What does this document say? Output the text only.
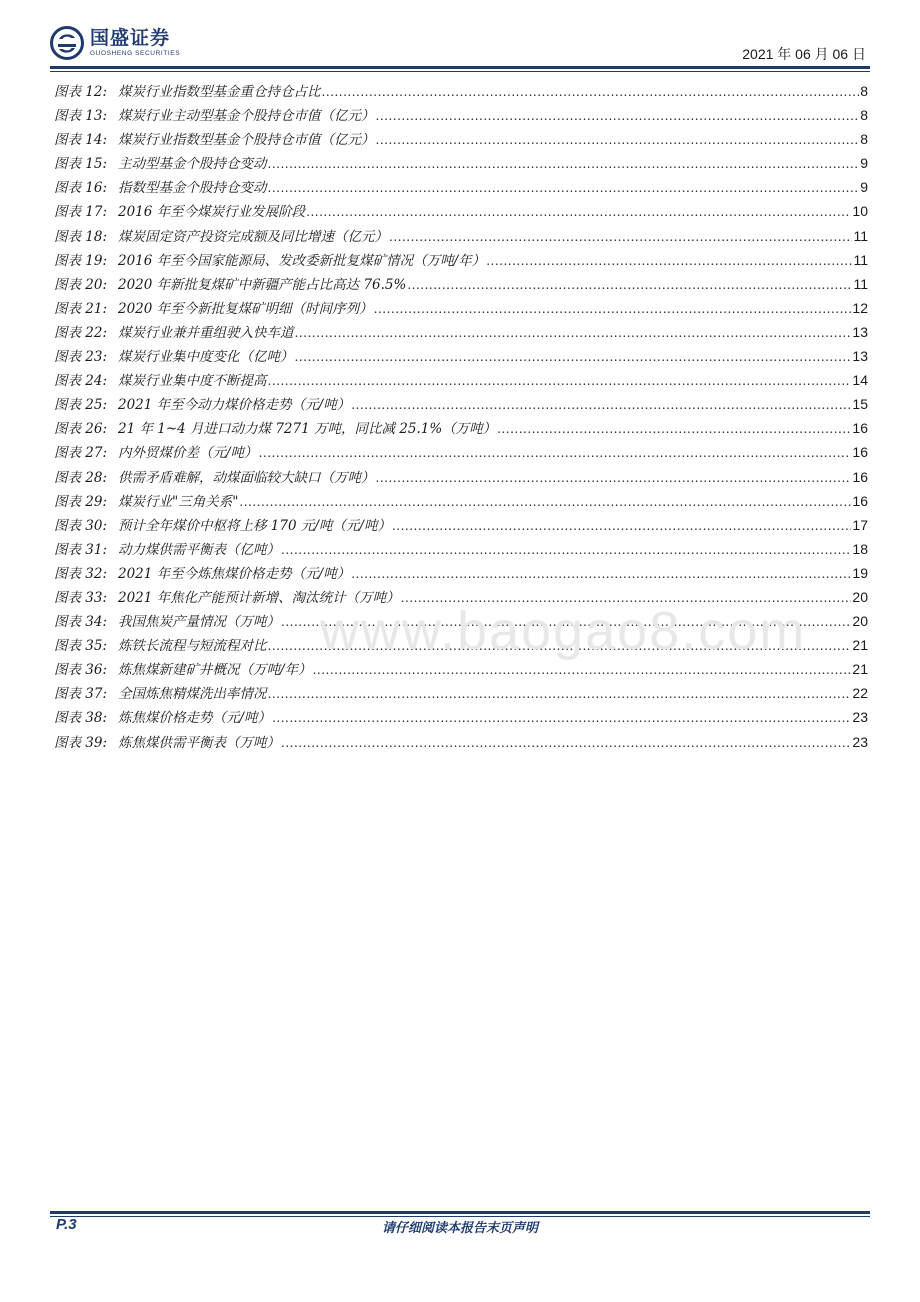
国盛证券
GUOSHENG SECURITIES	2021 年 06 月 06 日
图表 12: 煤炭行业指数型基金重仓持仓占比 .....	8
图表 13: 煤炭行业主动型基金个股持仓市值（亿元） .....	8
图表 14: 煤炭行业指数型基金个股持仓市值（亿元） .....	8
图表 15: 主动型基金个股持仓变动 .....	9
图表 16: 指数型基金个股持仓变动 .....	9
图表 17: 2016 年至今煤炭行业发展阶段 .....	10
图表 18: 煤炭固定资产投资完成额及同比增速（亿元） .....	11
图表 19: 2016 年至今国家能源局、发改委新批复煤矿情况（万吨/年） .....	11
图表 20: 2020 年新批复煤矿中新疆产能占比高达 76.5% .....	11
图表 21: 2020 年至今新批复煤矿明细（时间序列） .....	12
图表 22: 煤炭行业兼并重组驶入快车道 .....	13
图表 23: 煤炭行业集中度变化（亿吨） .....	13
图表 24: 煤炭行业集中度不断提高 .....	14
图表 25: 2021 年至今动力煤价格走势（元/吨） .....	15
图表 26: 21 年 1~4 月进口动力煤 7271 万吨，同比减 25.1%（万吨） .....	16
图表 27: 内外贸煤价差（元/吨） .....	16
图表 28: 供需矛盾难解，动煤面临较大缺口（万吨） .....	16
图表 29: 煤炭行业"三角关系" .....	16
图表 30: 预计全年煤价中枢将上移 170 元/吨（元/吨） .....	17
图表 31: 动力煤供需平衡表（亿吨） .....	18
图表 32: 2021 年至今炼焦煤价格走势（元/吨） .....	19
图表 33: 2021 年焦化产能预计新增、淘汰统计（万吨） .....	20
图表 34: 我国焦炭产量情况（万吨） .....	20
图表 35: 炼铁长流程与短流程对比 .....	21
图表 36: 炼焦煤新建矿井概况（万吨/年） .....	21
图表 37: 全国炼焦精煤洗出率情况 .....	22
图表 38: 炼焦煤价格走势（元/吨） .....	23
图表 39: 炼焦煤供需平衡表（万吨） .....	23
www.baogao8.com
P.3	请仔细阅读本报告末页声明
